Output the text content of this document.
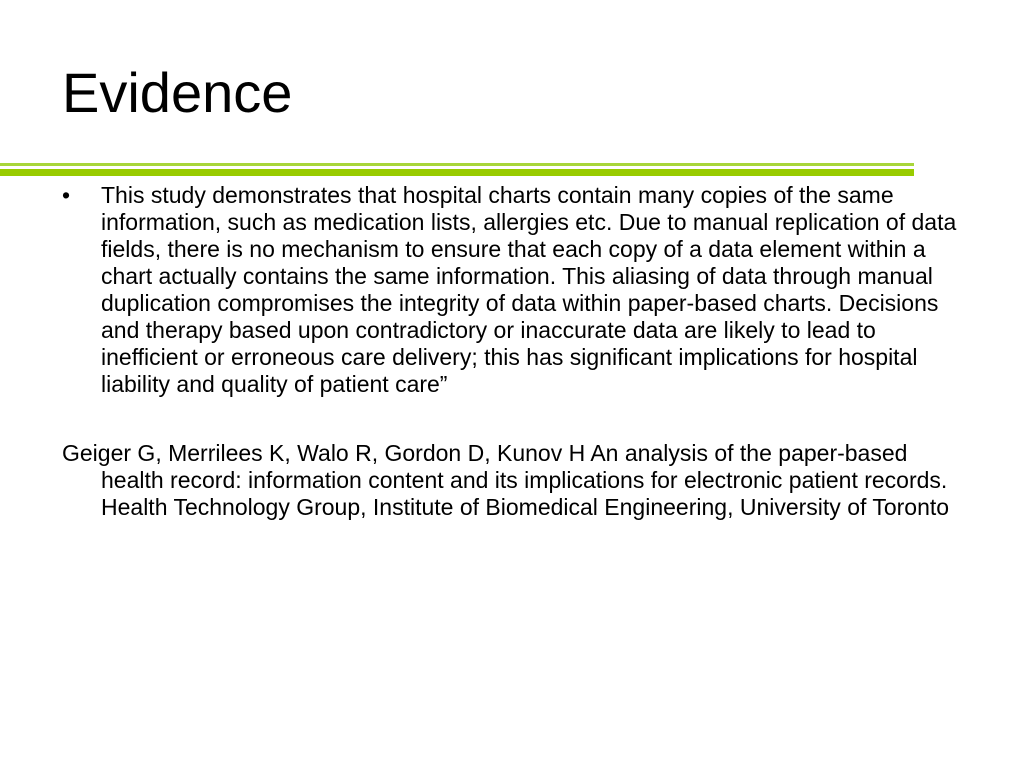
Evidence

•	This study demonstrates that hospital charts contain many copies of the same information, such as medication lists, allergies etc. Due to manual replication of data fields, there is no mechanism to ensure that each copy of a data element within a chart actually contains the same information. This aliasing of data through manual duplication compromises the integrity of data within paper-based charts. Decisions and therapy based upon contradictory or inaccurate data are likely to lead to inefficient or erroneous care delivery; this has significant implications for hospital liability and quality of patient care”

Geiger G, Merrilees K, Walo R, Gordon D, Kunov H An analysis of the paper-based health record: information content and its implications for electronic patient records. Health Technology Group, Institute of Biomedical Engineering, University of Toronto
